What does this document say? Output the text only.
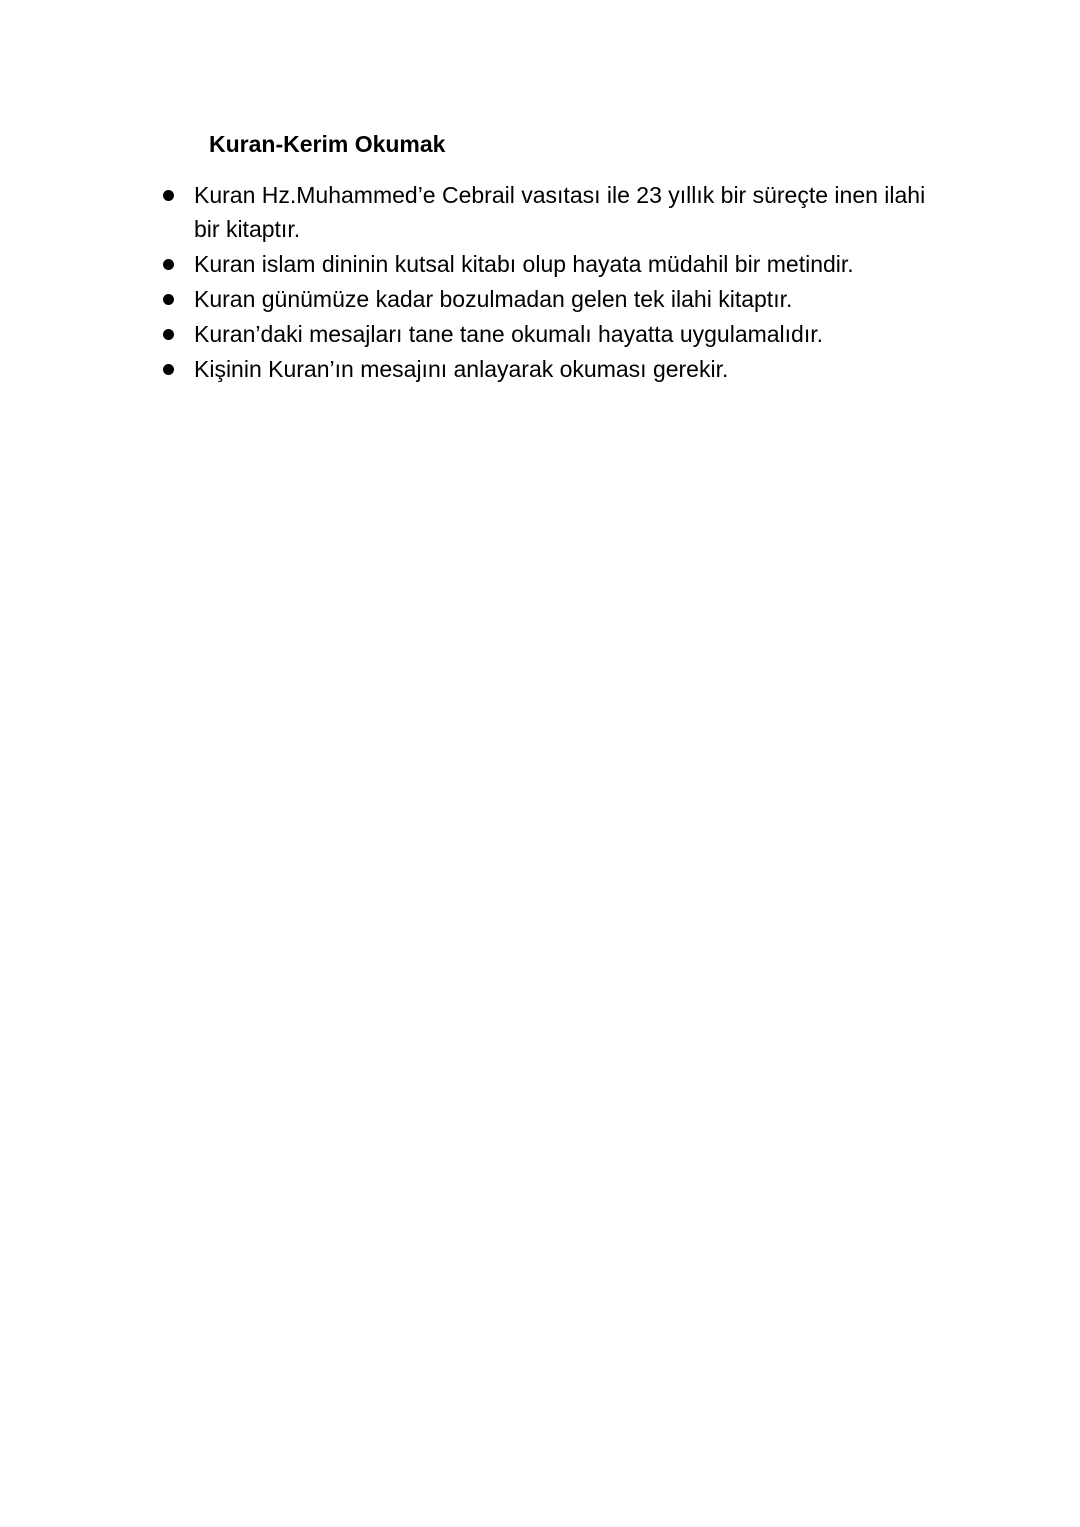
Kuran-Kerim Okumak
Kuran Hz.Muhammed’e Cebrail vasıtası ile 23 yıllık bir süreçte inen ilahi bir kitaptır.
Kuran islam dininin kutsal kitabı olup hayata müdahil bir metindir.
Kuran günümüze kadar bozulmadan gelen tek ilahi kitaptır.
Kuran’daki mesajları tane tane okumalı hayatta uygulamalıdır.
Kişinin Kuran’ın mesajını anlayarak okuması gerekir.
